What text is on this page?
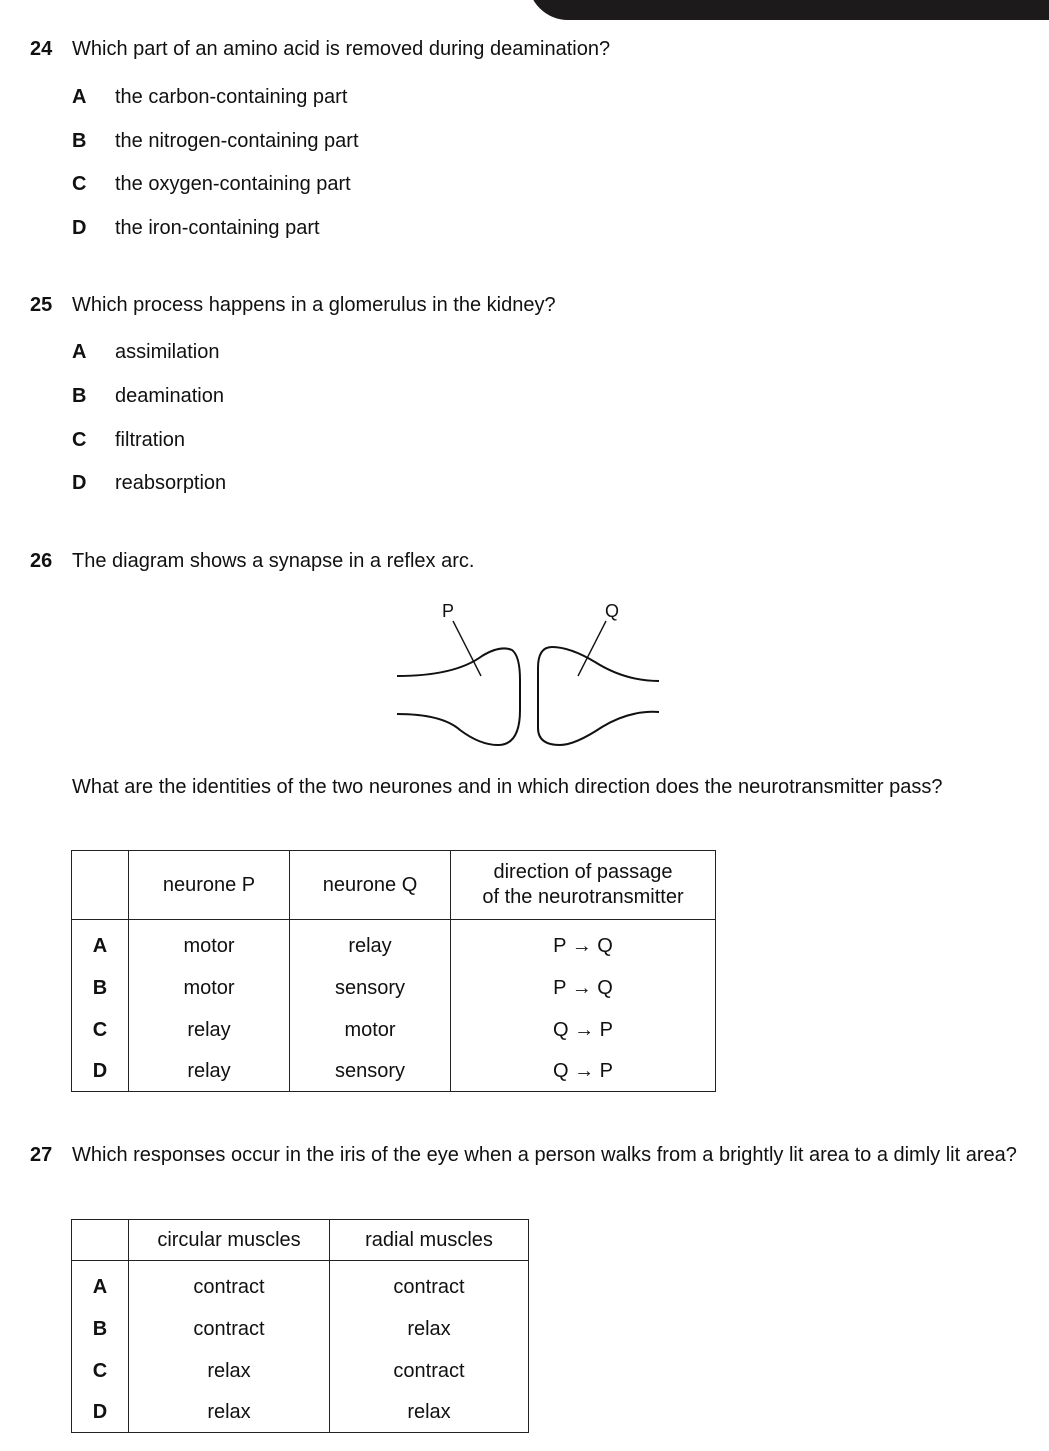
24 Which part of an amino acid is removed during deamination?
A the carbon-containing part
B the nitrogen-containing part
C the oxygen-containing part
D the iron-containing part
25 Which process happens in a glomerulus in the kidney?
A assimilation
B deamination
C filtration
D reabsorption
26 The diagram shows a synapse in a reflex arc.
P	Q
What are the identities of the two neurones and in which direction does the neurotransmitter pass?
	neurone P	neurone Q	direction of passage
of the neurotransmitter
A	motor	relay	P → Q
B	motor	sensory	P → Q
C	relay	motor	Q → P
D	relay	sensory	Q → P
27 Which responses occur in the iris of the eye when a person walks from a brightly lit area to a dimly lit area?
	circular muscles	radial muscles
A	contract	contract
B	contract	relax
C	relax	contract
D	relax	relax
